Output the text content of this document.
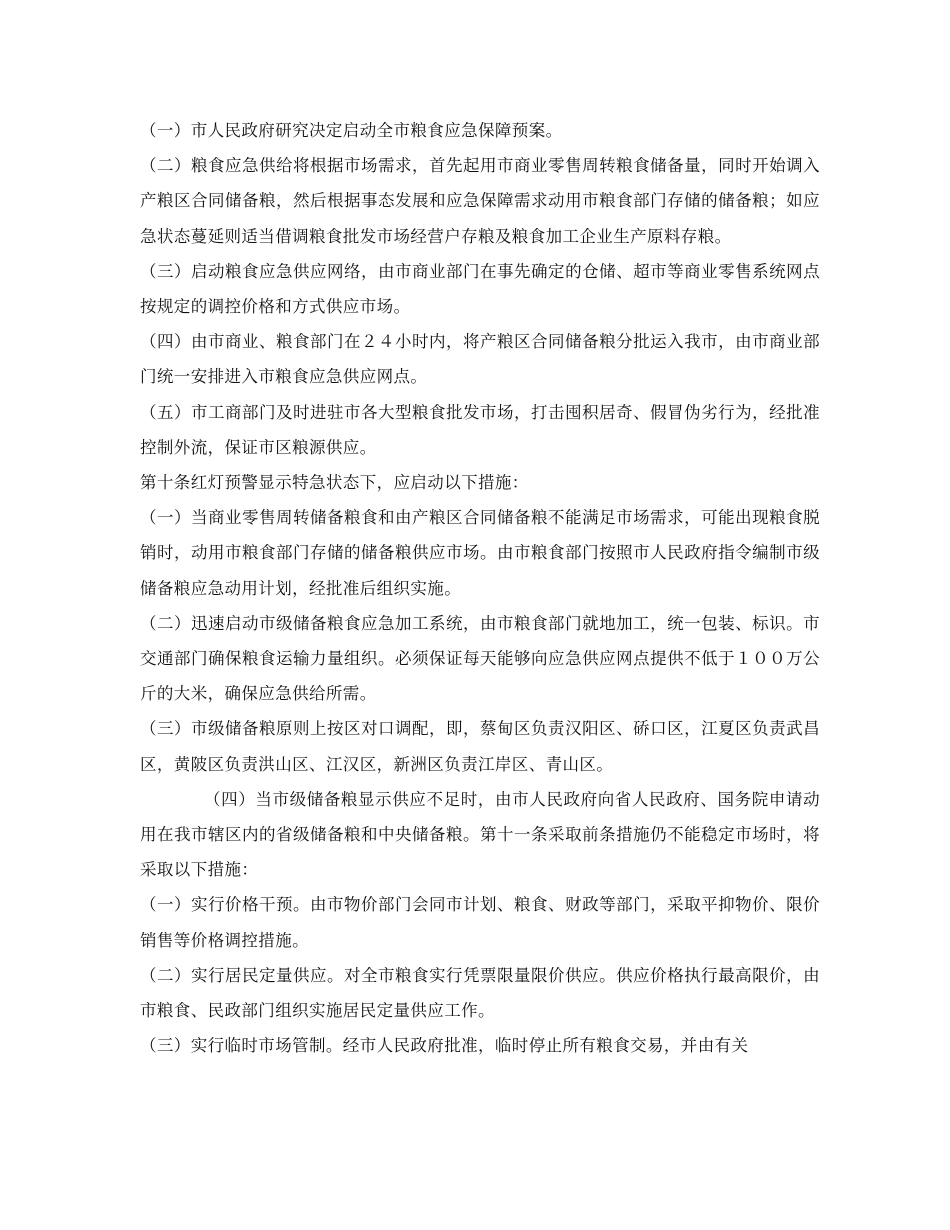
（一）市人民政府研究决定启动全市粮食应急保障预案。

（二）粮食应急供给将根据市场需求，首先起用市商业零售周转粮食储备量，同时开始调入产粮区合同储备粮，然后根据事态发展和应急保障需求动用市粮食部门存储的储备粮；如应急状态蔓延则适当借调粮食批发市场经营户存粮及粮食加工企业生产原料存粮。

（三）启动粮食应急供应网络，由市商业部门在事先确定的仓储、超市等商业零售系统网点按规定的调控价格和方式供应市场。

（四）由市商业、粮食部门在２４小时内，将产粮区合同储备粮分批运入我市，由市商业部门统一安排进入市粮食应急供应网点。

（五）市工商部门及时进驻市各大型粮食批发市场，打击囤积居奇、假冒伪劣行为，经批准控制外流，保证市区粮源供应。

第十条红灯预警显示特急状态下，应启动以下措施：

（一）当商业零售周转储备粮食和由产粮区合同储备粮不能满足市场需求，可能出现粮食脱销时，动用市粮食部门存储的储备粮供应市场。由市粮食部门按照市人民政府指令编制市级储备粮应急动用计划，经批准后组织实施。

（二）迅速启动市级储备粮食应急加工系统，由市粮食部门就地加工，统一包装、标识。市交通部门确保粮食运输力量组织。必须保证每天能够向应急供应网点提供不低于１００万公斤的大米，确保应急供给所需。

（三）市级储备粮原则上按区对口调配，即，蔡甸区负责汉阳区、硚口区，江夏区负责武昌区，黄陂区负责洪山区、江汉区，新洲区负责江岸区、青山区。

（四）当市级储备粮显示供应不足时，由市人民政府向省人民政府、国务院申请动用在我市辖区内的省级储备粮和中央储备粮。第十一条采取前条措施仍不能稳定市场时，将采取以下措施：

（一）实行价格干预。由市物价部门会同市计划、粮食、财政等部门，采取平抑物价、限价销售等价格调控措施。

（二）实行居民定量供应。对全市粮食实行凭票限量限价供应。供应价格执行最高限价，由市粮食、民政部门组织实施居民定量供应工作。

（三）实行临时市场管制。经市人民政府批准，临时停止所有粮食交易，并由有关
